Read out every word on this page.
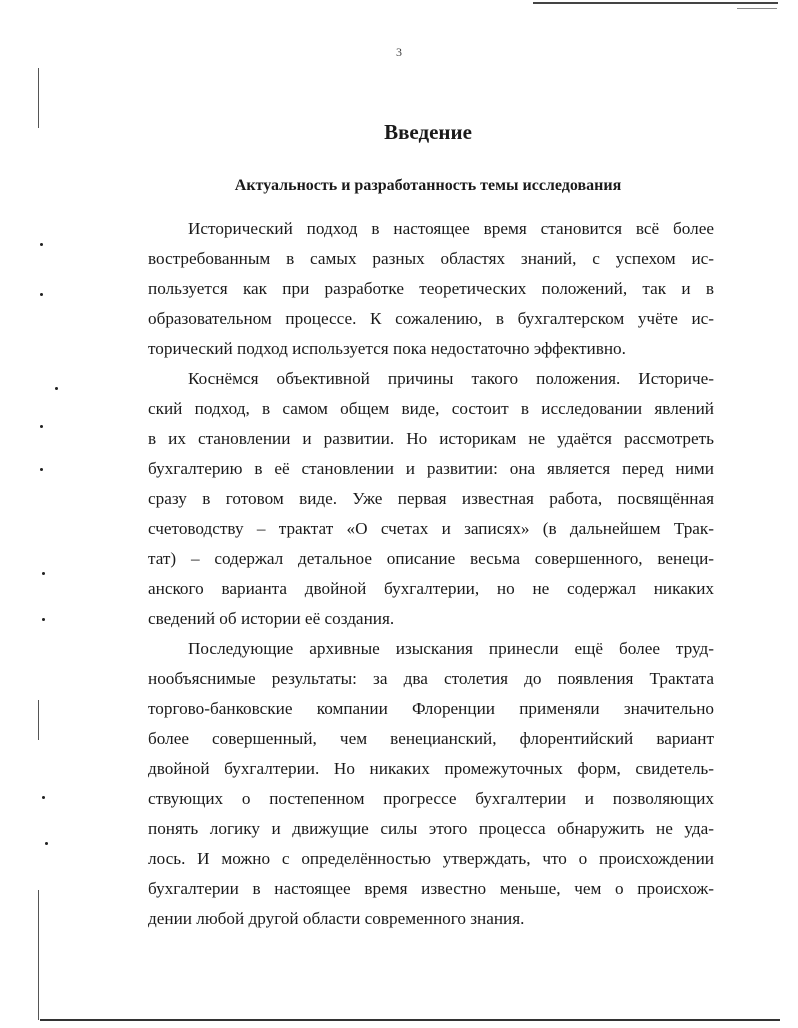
3
Введение
Актуальность и разработанность темы исследования
Исторический подход в настоящее время становится всё более
востребованным в самых разных областях знаний, с успехом ис-
пользуется как при разработке теоретических положений, так и в
образовательном процессе. К сожалению, в бухгалтерском учёте ис-
торический подход используется пока недостаточно эффективно.
Коснёмся объективной причины такого положения. Историче-
ский подход, в самом общем виде, состоит в исследовании явлений
в их становлении и развитии. Но историкам не удаётся рассмотреть
бухгалтерию в её становлении и развитии: она является перед ними
сразу в готовом виде. Уже первая известная работа, посвящённая
счетоводству – трактат «О счетах и записях» (в дальнейшем Трак-
тат) – содержал детальное описание весьма совершенного, венеци-
анского варианта двойной бухгалтерии, но не содержал никаких
сведений об истории её создания.
Последующие архивные изыскания принесли ещё более труд-
нообъяснимые результаты: за два столетия до появления Трактата
торгово-банковские компании Флоренции применяли значительно
более совершенный, чем венецианский, флорентийский вариант
двойной бухгалтерии. Но никаких промежуточных форм, свидетель-
ствующих о постепенном прогрессе бухгалтерии и позволяющих
понять логику и движущие силы этого процесса обнаружить не уда-
лось. И можно с определённостью утверждать, что о происхождении
бухгалтерии в настоящее время известно меньше, чем о происхож-
дении любой другой области современного знания.
